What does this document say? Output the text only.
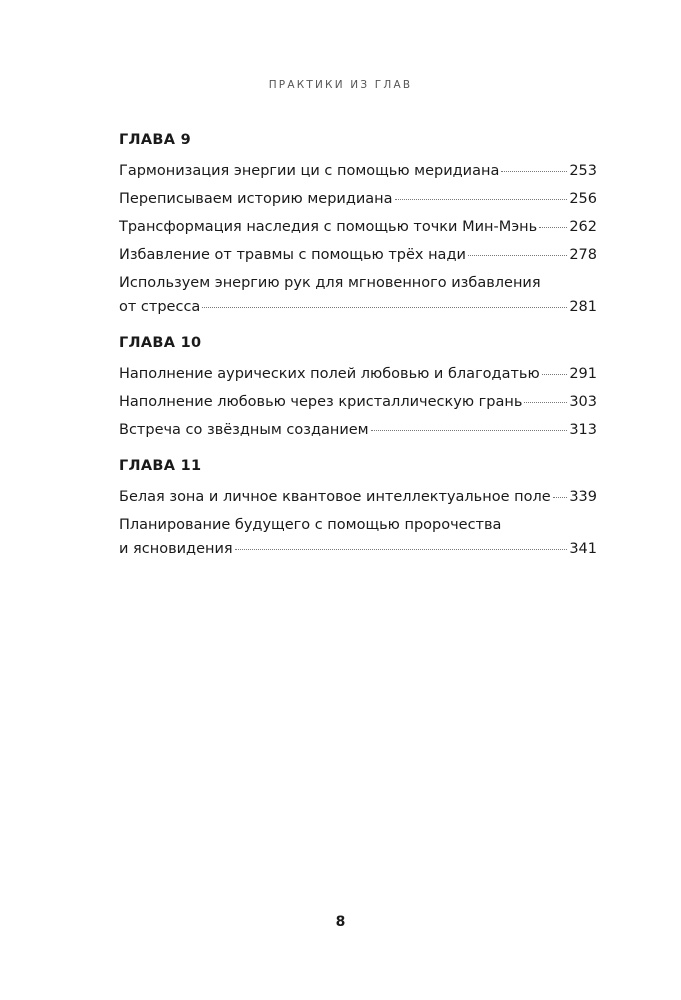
ПРАКТИКИ ИЗ ГЛАВ
ГЛАВА 9
Гармонизация энергии ци с помощью меридиана	253
Переписываем историю меридиана	256
Трансформация наследия с помощью точки Мин-Мэнь 262
Избавление от травмы с помощью трёх нади	278
Используем энергию рук для мгновенного избавления
от стресса	281
ГЛАВА 10
Наполнение аурических полей любовью и благодатью 291
Наполнение любовью через кристаллическую грань	303
Встреча со звёздным созданием	313
ГЛАВА 11
Белая зона и личное квантовое интеллектуальное поле 339
Планирование будущего с помощью пророчества
и ясновидения	341
8
